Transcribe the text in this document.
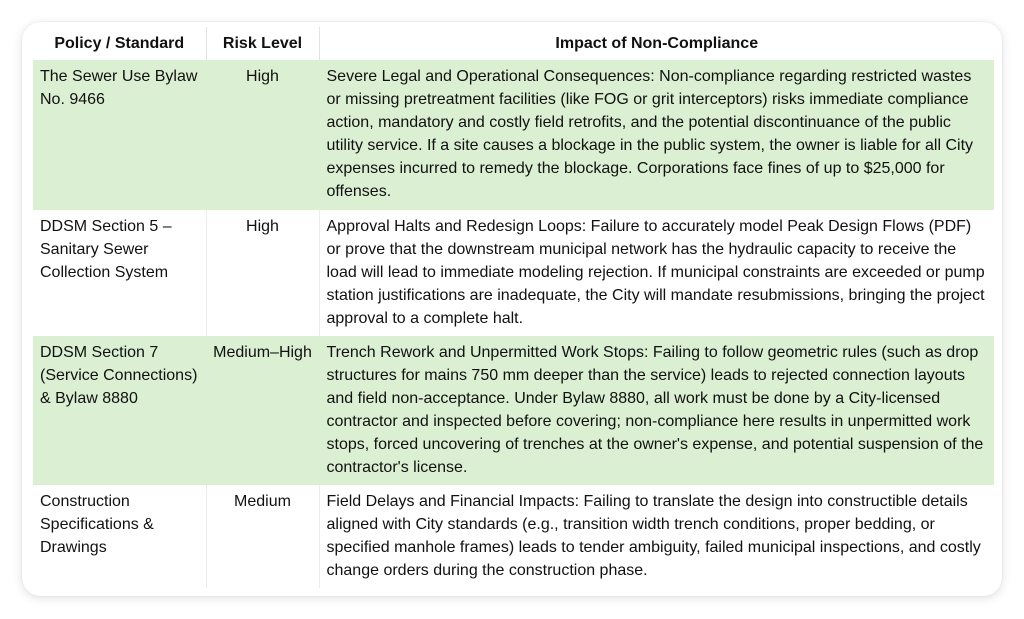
Policy / Standard	Risk Level	Impact of Non-Compliance
The Sewer Use Bylaw No. 9466	High	Severe Legal and Operational Consequences: Non-compliance regarding restricted wastes or missing pretreatment facilities (like FOG or grit interceptors) risks immediate compliance action, mandatory and costly field retrofits, and the potential discontinuance of the public utility service. If a site causes a blockage in the public system, the owner is liable for all City expenses incurred to remedy the blockage. Corporations face fines of up to $25,000 for offenses.
DDSM Section 5 – Sanitary Sewer Collection System	High	Approval Halts and Redesign Loops: Failure to accurately model Peak Design Flows (PDF) or prove that the downstream municipal network has the hydraulic capacity to receive the load will lead to immediate modeling rejection. If municipal constraints are exceeded or pump station justifications are inadequate, the City will mandate resubmissions, bringing the project approval to a complete halt.
DDSM Section 7 (Service Connections) & Bylaw 8880	Medium–High	Trench Rework and Unpermitted Work Stops: Failing to follow geometric rules (such as drop structures for mains 750 mm deeper than the service) leads to rejected connection layouts and field non-acceptance. Under Bylaw 8880, all work must be done by a City-licensed contractor and inspected before covering; non-compliance here results in unpermitted work stops, forced uncovering of trenches at the owner's expense, and potential suspension of the contractor's license.
Construction Specifications & Drawings	Medium	Field Delays and Financial Impacts: Failing to translate the design into constructible details aligned with City standards (e.g., transition width trench conditions, proper bedding, or specified manhole frames) leads to tender ambiguity, failed municipal inspections, and costly change orders during the construction phase.
